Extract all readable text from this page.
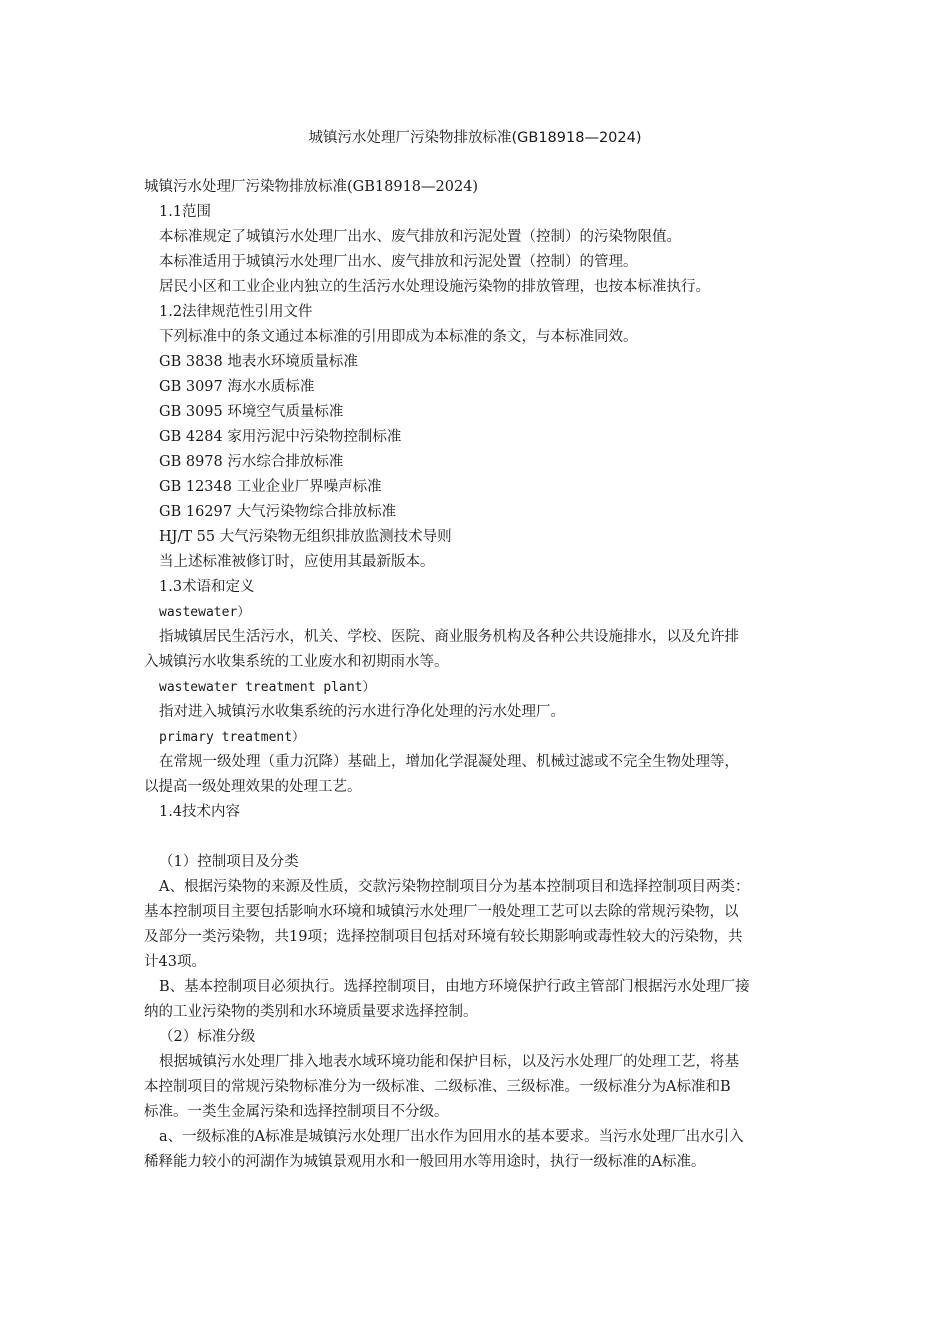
城镇污水处理厂污染物排放标准(GB18918—2024)
城镇污水处理厂污染物排放标准(GB18918—2024)
1.1范围
本标准规定了城镇污水处理厂出水、废气排放和污泥处置（控制）的污染物限值。
本标准适用于城镇污水处理厂出水、废气排放和污泥处置（控制）的管理。
居民小区和工业企业内独立的生活污水处理设施污染物的排放管理，也按本标准执行。
1.2法律规范性引用文件
下列标准中的条文通过本标准的引用即成为本标准的条文，与本标准同效。
GB 3838 地表水环境质量标准
GB 3097 海水水质标准
GB 3095 环境空气质量标准
GB 4284 家用污泥中污染物控制标准
GB 8978 污水综合排放标准
GB 12348 工业企业厂界噪声标准
GB 16297 大气污染物综合排放标准
HJ/T 55 大气污染物无组织排放监测技术导则
当上述标准被修订时，应使用其最新版本。
1.3术语和定义
wastewater）
指城镇居民生活污水，机关、学校、医院、商业服务机构及各种公共设施排水，以及允许排
入城镇污水收集系统的工业废水和初期雨水等。
wastewater treatment plant）
指对进入城镇污水收集系统的污水进行净化处理的污水处理厂。
primary treatment）
在常规一级处理（重力沉降）基础上，增加化学混凝处理、机械过滤或不完全生物处理等，
以提高一级处理效果的处理工艺。
1.4技术内容
（1）控制项目及分类
A、根据污染物的来源及性质，交款污染物控制项目分为基本控制项目和选择控制项目两类：
基本控制项目主要包括影响水环境和城镇污水处理厂一般处理工艺可以去除的常规污染物，以
及部分一类污染物，共19项；选择控制项目包括对环境有较长期影响或毒性较大的污染物，共
计43项。
B、基本控制项目必须执行。选择控制项目，由地方环境保护行政主管部门根据污水处理厂接
纳的工业污染物的类别和水环境质量要求选择控制。
（2）标准分级
根据城镇污水处理厂排入地表水域环境功能和保护目标，以及污水处理厂的处理工艺，将基
本控制项目的常规污染物标准分为一级标准、二级标准、三级标准。一级标准分为A标准和B
标准。一类生金属污染和选择控制项目不分级。
a、一级标准的A标准是城镇污水处理厂出水作为回用水的基本要求。当污水处理厂出水引入
稀释能力较小的河湖作为城镇景观用水和一般回用水等用途时，执行一级标准的A标准。
